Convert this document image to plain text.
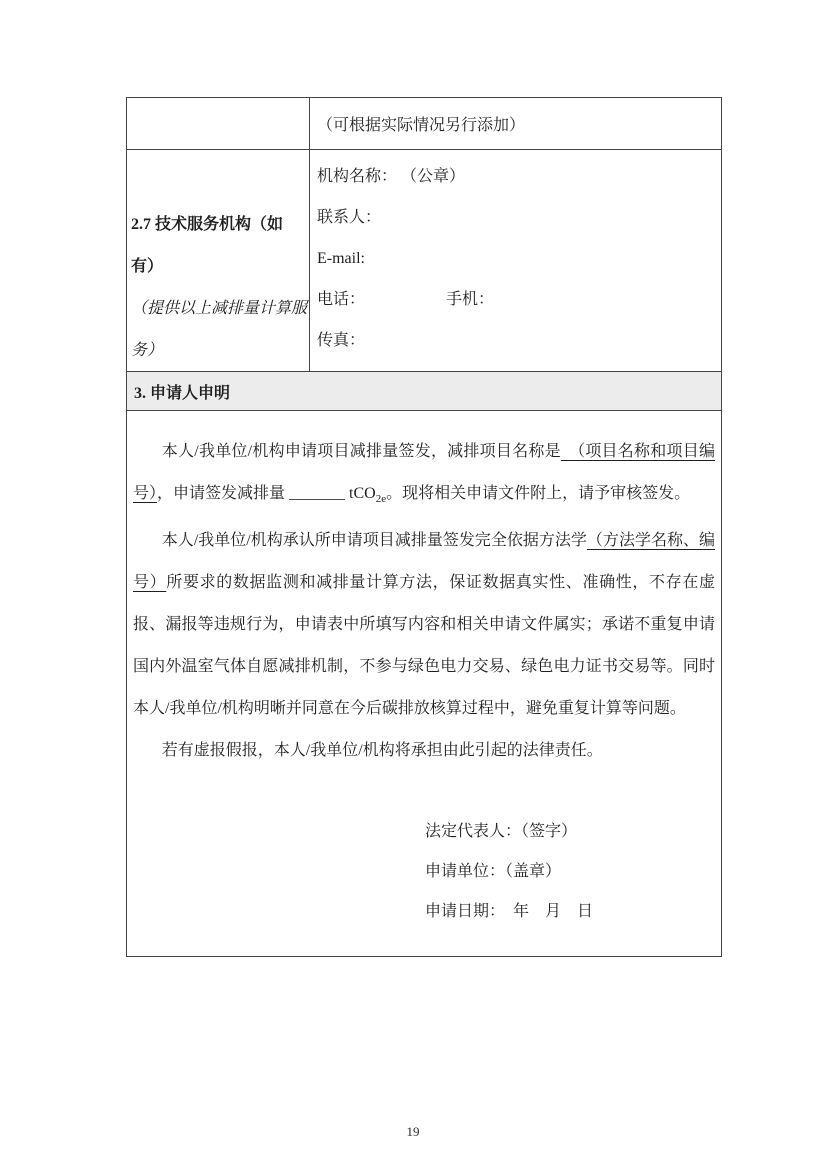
（可根据实际情况另行添加）
2.7 技术服务机构（如有）
（提供以上减排量计算服务）
机构名称： （公章）
联系人：
E-mail:
电话：	手机：
传真：
3. 申请人申明

本人/我单位/机构申请项目减排量签发，减排项目名称是　（项目名称和项目编号），申请签发减排量 _______ tCO$_{2e}$。现将相关申请文件附上，请予审核签发。

本人/我单位/机构承认所申请项目减排量签发完全依据方法学（方法学名称、编号）所要求的数据监测和减排量计算方法，保证数据真实性、准确性，不存在虚报、漏报等违规行为，申请表中所填写内容和相关申请文件属实；承诺不重复申请国内外温室气体自愿减排机制，不参与绿色电力交易、绿色电力证书交易等。同时本人/我单位/机构明晰并同意在今后碳排放核算过程中，避免重复计算等问题。

若有虚报假报，本人/我单位/机构将承担由此引起的法律责任。

法定代表人：（签字）
申请单位：（盖章）
申请日期：　年　月　日
19
